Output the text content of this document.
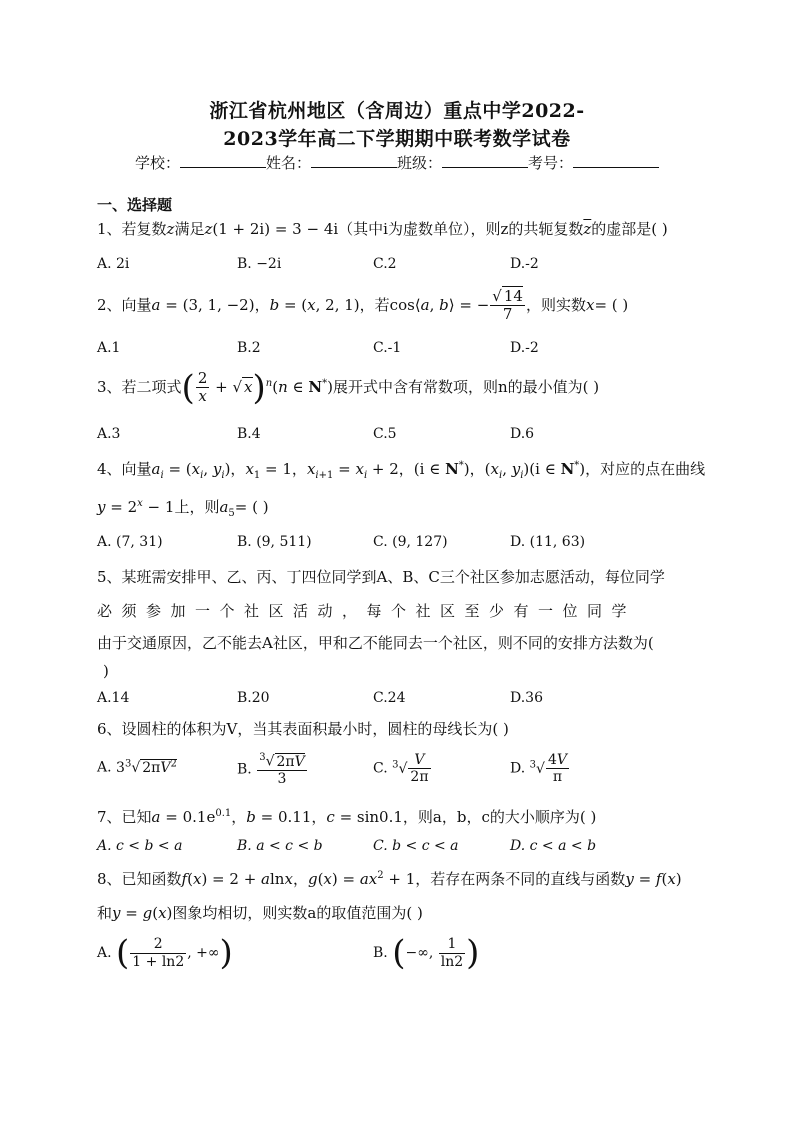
浙江省杭州地区（含周边）重点中学2022-
2023学年高二下学期期中联考数学试卷
学校：	姓名：	班级：	考号：
一、选择题
1、若复数z满足z(1 + 2i) = 3 − 4i（其中i为虚数单位），则z的共轭复数$\overline{z}$的虚部是( )
A. 2i	B. −2i	C.2	D.-2
2、向量a = (3, 1, −2)，b = (x, 2, 1)，若cos⟨a, b⟩ = − $\frac{√ 14}{7}$ ，则实数x= ( )
A.1	B.2	C.-1	D.-2
3、若二项式( $\frac{2}{x}$ + √ x)$^n$(n ∈ N*)展开式中含有常数项，则n的最小值为( )
A.3	B.4	C.5	D.6
4、向量$a_i = (x_i$, $y_i$)，$x_1 = 1$，$x_{i+1} = x_i + 2$，(i ∈ N*)，($x_i$, $y_i)(i$ ∈ N*)，对应的点在曲线
$y = 2^x - 1$上，则$a_5=$ ( )
A. (7, 31)	B. (9, 511)	C. (9, 127)	D. (11, 63)
5、某班需安排甲、乙、丙、丁四位同学到A、B、C三个社区参加志愿活动，每位同学
必须参加一个社区活动，每个社区至少有一位同学
由于交通原因，乙不能去A社区，甲和乙不能同去一个社区，则不同的安排方法数为(
)
A.14	B.20	C.24	D.36
6、设圆柱的体积为V，当其表面积最小时，圆柱的母线长为( )
A. $3^3√$ $2\pi V^2$	B. $\frac{^3√ 2\pi V}{3}$	C. $^3√ \frac{V}{2\pi}$	D. $^3√ \frac{4V}{\pi}$
7、已知$a = 0.1e^{0.1}$，b = 0.11，c = sin0.1，则a，b，c的大小顺序为( )
A. c < b < a	B. a < c < b	C. b < c < a	D. c < a < b
8、已知函数f(x) = 2 + alnx，$g(x) = ax^2 + 1$，若存在两条不同的直线与函数y = f(x)
和y = g(x)图象均相切，则实数a的取值范围为( )
A. ( $\frac{2}{1 + \ln 2}$ , +∞)	B. (−∞, $\frac{1}{\ln 2}$ )
